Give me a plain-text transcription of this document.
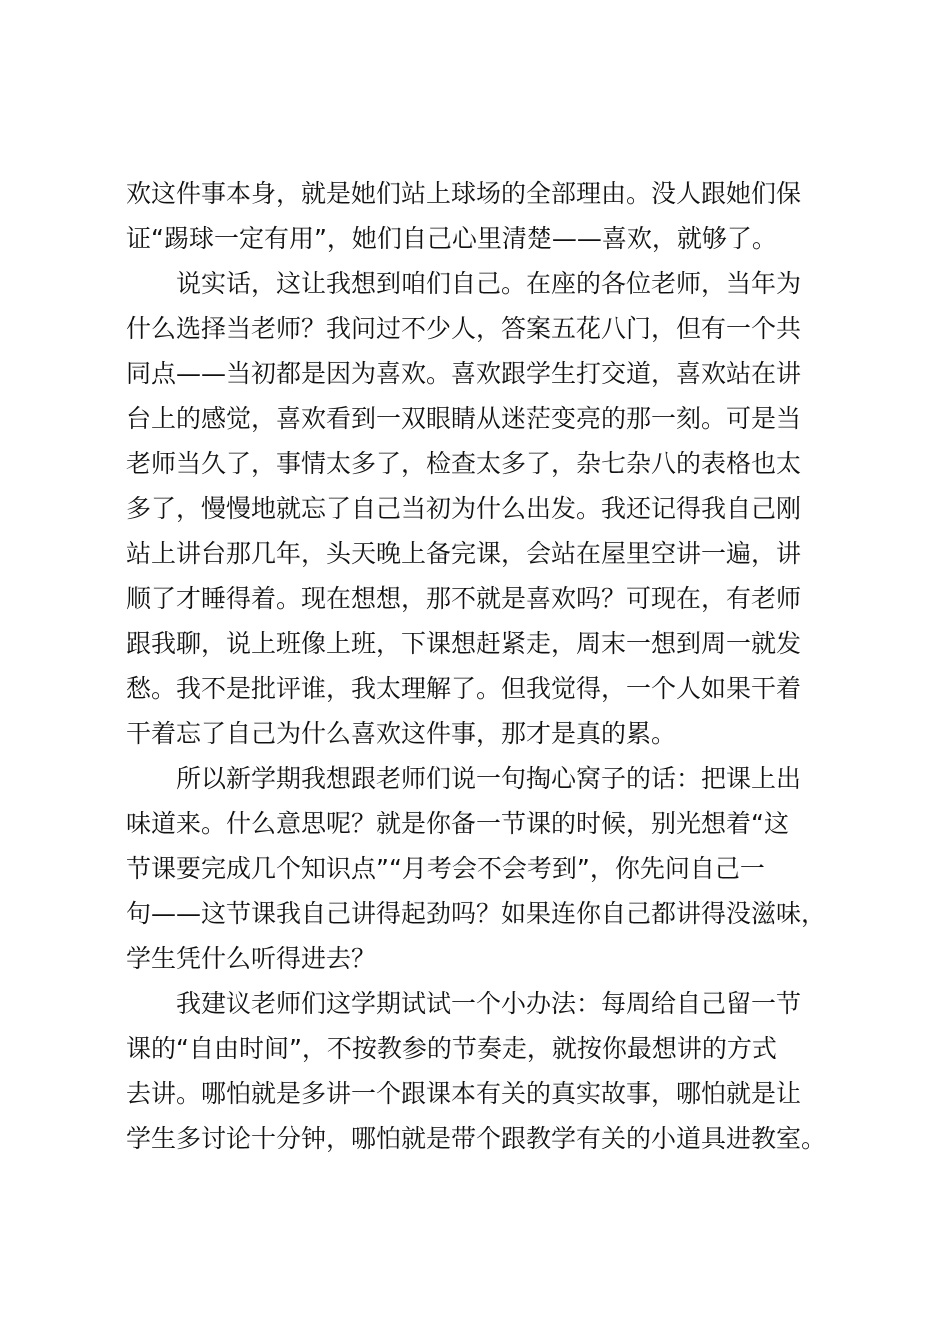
欢这件事本身，就是她们站上球场的全部理由。没人跟她们保
证“踢球一定有用”，她们自己心里清楚——喜欢，就够了。
说实话，这让我想到咱们自己。在座的各位老师，当年为
什么选择当老师？我问过不少人，答案五花八门，但有一个共
同点——当初都是因为喜欢。喜欢跟学生打交道，喜欢站在讲
台上的感觉，喜欢看到一双眼睛从迷茫变亮的那一刻。可是当
老师当久了，事情太多了，检查太多了，杂七杂八的表格也太
多了，慢慢地就忘了自己当初为什么出发。我还记得我自己刚
站上讲台那几年，头天晚上备完课，会站在屋里空讲一遍，讲
顺了才睡得着。现在想想，那不就是喜欢吗？可现在，有老师
跟我聊，说上班像上班，下课想赶紧走，周末一想到周一就发
愁。我不是批评谁，我太理解了。但我觉得，一个人如果干着
干着忘了自己为什么喜欢这件事，那才是真的累。
所以新学期我想跟老师们说一句掏心窝子的话：把课上出
味道来。什么意思呢？就是你备一节课的时候，别光想着“这
节课要完成几个知识点”“月考会不会考到”，你先问自己一
句——这节课我自己讲得起劲吗？如果连你自己都讲得没滋味，
学生凭什么听得进去？
我建议老师们这学期试试一个小办法：每周给自己留一节
课的“自由时间”，不按教参的节奏走，就按你最想讲的方式
去讲。哪怕就是多讲一个跟课本有关的真实故事，哪怕就是让
学生多讨论十分钟，哪怕就是带个跟教学有关的小道具进教室。
